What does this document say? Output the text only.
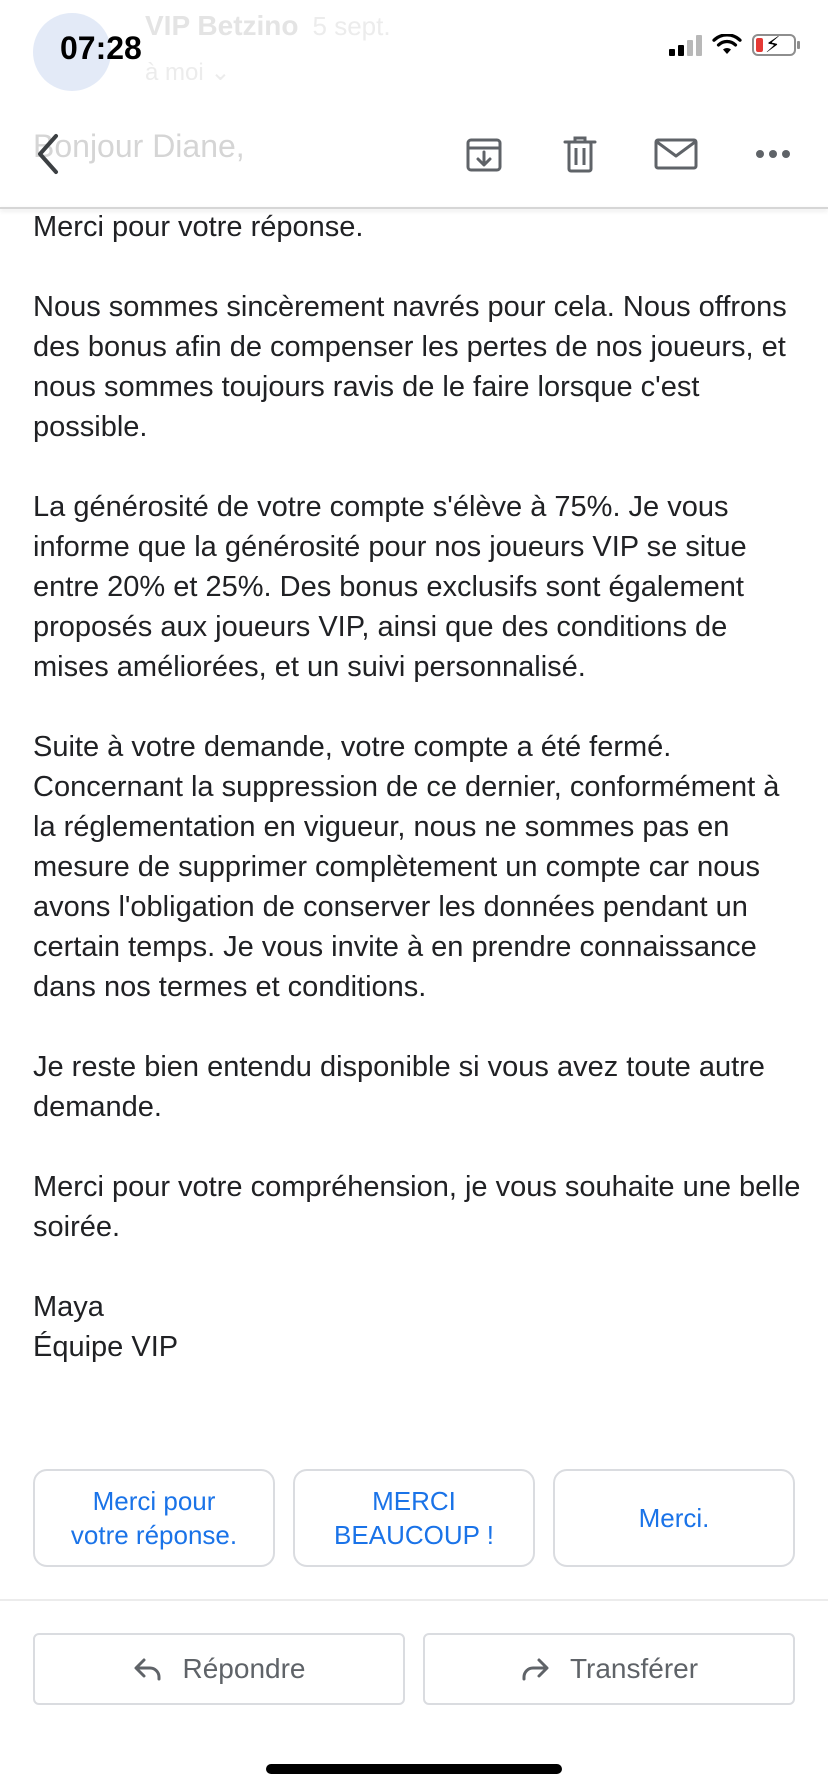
VIP Betzino 5 sept.
à moi ⌄
Bonjour Diane,
07:28	⚡

Merci pour votre réponse.

Nous sommes sincèrement navrés pour cela. Nous offrons des bonus afin de compenser les pertes de nos joueurs, et nous sommes toujours ravis de le faire lorsque c'est possible.

La générosité de votre compte s'élève à 75%. Je vous informe que la générosité pour nos joueurs VIP se situe entre 20% et 25%. Des bonus exclusifs sont également proposés aux joueurs VIP, ainsi que des conditions de mises améliorées, et un suivi personnalisé.

Suite à votre demande, votre compte a été fermé. Concernant la suppression de ce dernier, conformément à la réglementation en vigueur, nous ne sommes pas en mesure de supprimer complètement un compte car nous avons l'obligation de conserver les données pendant un certain temps. Je vous invite à en prendre connaissance dans nos termes et conditions.

Je reste bien entendu disponible si vous avez toute autre demande.

Merci pour votre compréhension, je vous souhaite une belle soirée.

Maya
Équipe VIP

Merci pour
votre réponse.
MERCI
BEAUCOUP !
Merci.
Répondre	Transférer
